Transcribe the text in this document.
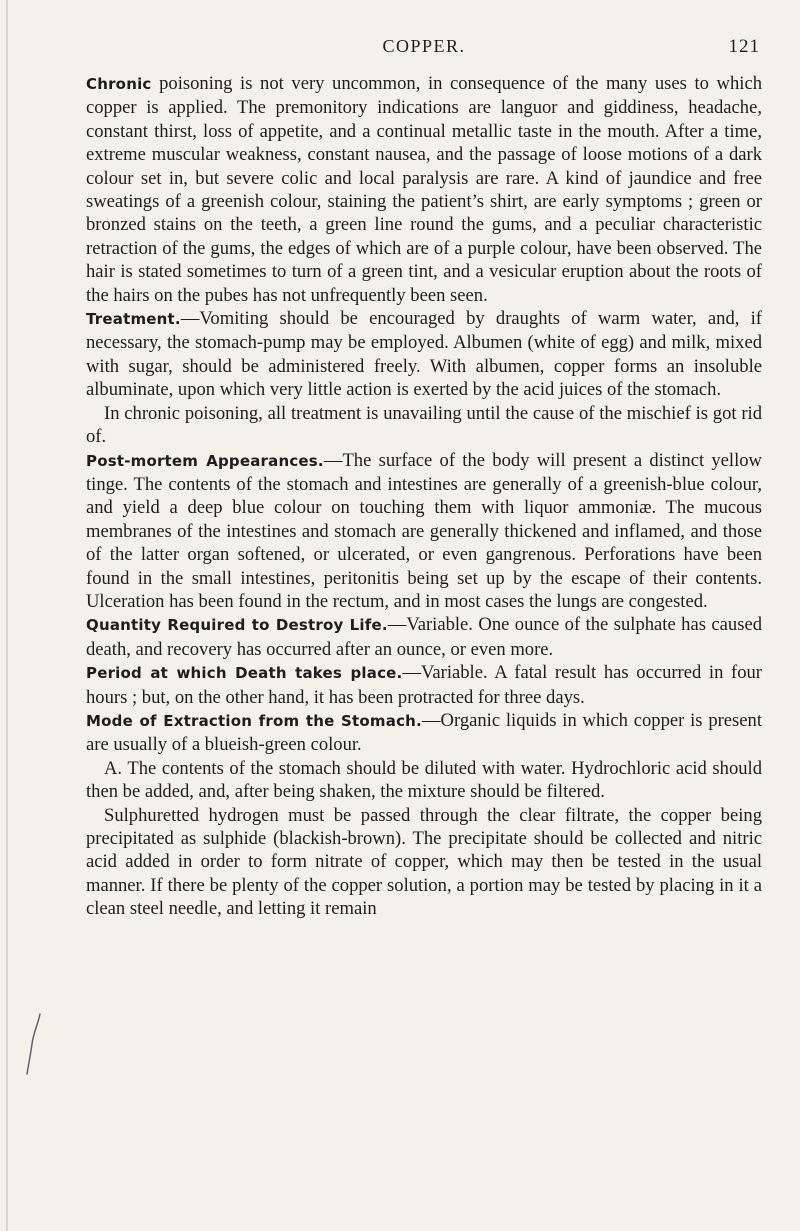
COPPER.	121

Chronic poisoning is not very uncommon, in consequence of the many uses to which copper is applied. The premonitory indications are languor and giddiness, headache, constant thirst, loss of appetite, and a continual metallic taste in the mouth. After a time, extreme muscular weakness, constant nausea, and the passage of loose motions of a dark colour set in, but severe colic and local paralysis are rare. A kind of jaundice and free sweatings of a greenish colour, staining the patient’s shirt, are early symptoms ; green or bronzed stains on the teeth, a green line round the gums, and a peculiar characteristic retraction of the gums, the edges of which are of a purple colour, have been observed. The hair is stated sometimes to turn of a green tint, and a vesicular eruption about the roots of the hairs on the pubes has not unfrequently been seen.

Treatment.—Vomiting should be encouraged by draughts of warm water, and, if necessary, the stomach-pump may be employed. Albumen (white of egg) and milk, mixed with sugar, should be administered freely. With albumen, copper forms an insoluble albuminate, upon which very little action is exerted by the acid juices of the stomach.

In chronic poisoning, all treatment is unavailing until the cause of the mischief is got rid of.

Post-mortem Appearances.—The surface of the body will present a distinct yellow tinge. The contents of the stomach and intestines are generally of a greenish-blue colour, and yield a deep blue colour on touching them with liquor ammoniæ. The mucous membranes of the intestines and stomach are generally thickened and inflamed, and those of the latter organ softened, or ulcerated, or even gangrenous. Perforations have been found in the small intestines, peritonitis being set up by the escape of their contents. Ulceration has been found in the rectum, and in most cases the lungs are congested.

Quantity Required to Destroy Life.—Variable. One ounce of the sulphate has caused death, and recovery has occurred after an ounce, or even more.

Period at which Death takes place.—Variable. A fatal result has occurred in four hours ; but, on the other hand, it has been protracted for three days.

Mode of Extraction from the Stomach.—Organic liquids in which copper is present are usually of a blueish-green colour.

A. The contents of the stomach should be diluted with water. Hydrochloric acid should then be added, and, after being shaken, the mixture should be filtered.

Sulphuretted hydrogen must be passed through the clear filtrate, the copper being precipitated as sulphide (blackish-brown). The precipitate should be collected and nitric acid added in order to form nitrate of copper, which may then be tested in the usual manner. If there be plenty of the copper solution, a portion may be tested by placing in it a clean steel needle, and letting it remain
